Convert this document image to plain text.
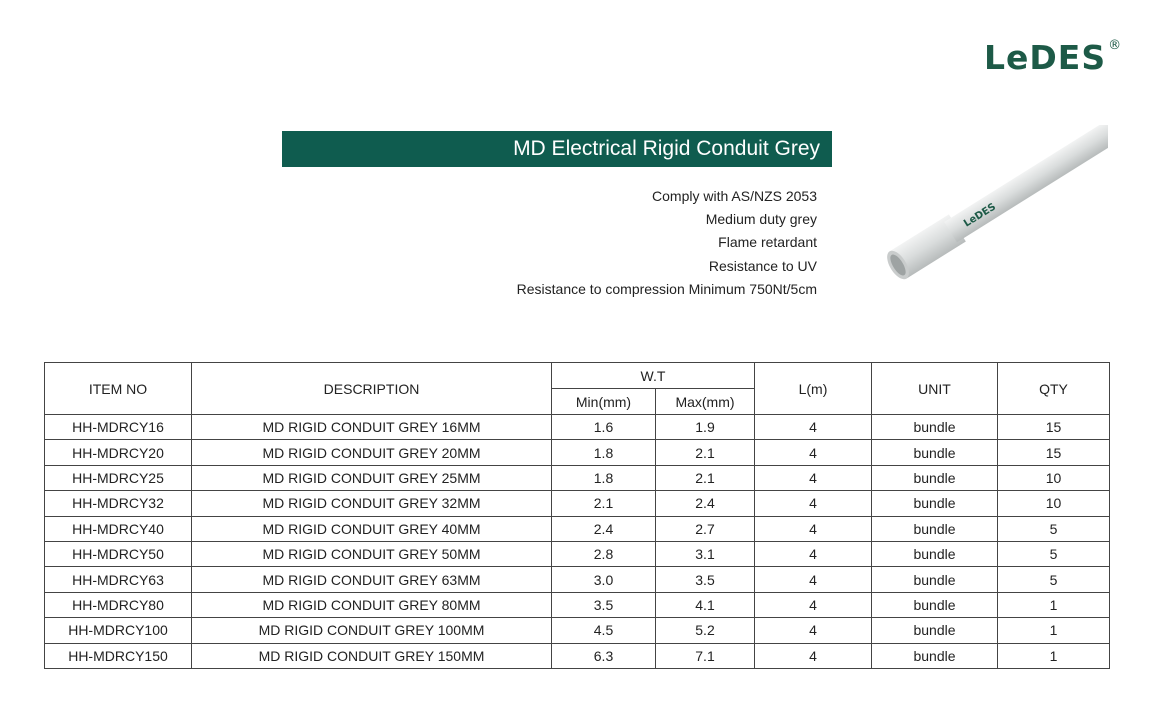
LeDES ®
MD Electrical Rigid Conduit Grey
Comply with AS/NZS 2053
Medium duty grey
Flame retardant
Resistance to UV
Resistance to compression Minimum 750Nt/5cm
LeDES
ITEM NO	DESCRIPTION	W.T		L(m)	UNIT	QTY
		Min(mm)	Max(mm)			
HH-MDRCY16	MD RIGID CONDUIT GREY 16MM	1.6	1.9	4	bundle	15
HH-MDRCY20	MD RIGID CONDUIT GREY 20MM	1.8	2.1	4	bundle	15
HH-MDRCY25	MD RIGID CONDUIT GREY 25MM	1.8	2.1	4	bundle	10
HH-MDRCY32	MD RIGID CONDUIT GREY 32MM	2.1	2.4	4	bundle	10
HH-MDRCY40	MD RIGID CONDUIT GREY 40MM	2.4	2.7	4	bundle	5
HH-MDRCY50	MD RIGID CONDUIT GREY 50MM	2.8	3.1	4	bundle	5
HH-MDRCY63	MD RIGID CONDUIT GREY 63MM	3.0	3.5	4	bundle	5
HH-MDRCY80	MD RIGID CONDUIT GREY 80MM	3.5	4.1	4	bundle	1
HH-MDRCY100	MD RIGID CONDUIT GREY 100MM	4.5	5.2	4	bundle	1
HH-MDRCY150	MD RIGID CONDUIT GREY 150MM	6.3	7.1	4	bundle	1
